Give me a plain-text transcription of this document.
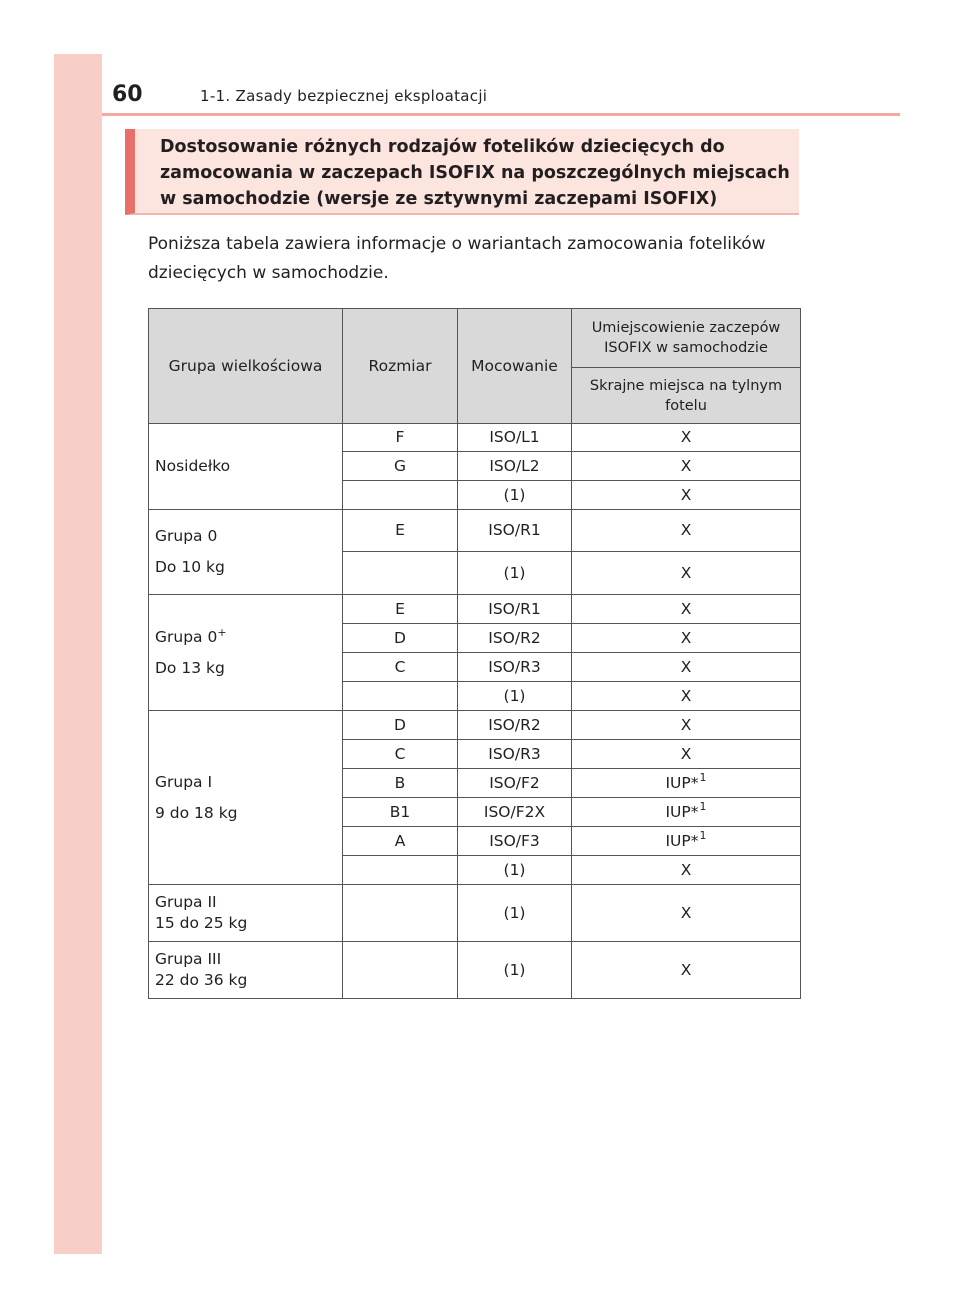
60	1-1. Zasady bezpiecznej eksploatacji

Dostosowanie różnych rodzajów fotelików dziecięcych do zamocowania w zaczepach ISOFIX na poszczególnych miejscach w samochodzie (wersje ze sztywnymi zaczepami ISOFIX)

Poniższa tabela zawiera informacje o wariantach zamocowania fotelików dziecięcych w samochodzie.

Grupa wielkościowa	Rozmiar	Mocowanie	Umiejscowienie zaczepów ISOFIX w samochodzie
			Skrajne miejsca na tylnym fotelu

Nosidełko	F	ISO/L1	X
	G	ISO/L2	X
		(1)	X

Grupa 0
Do 10 kg	E	ISO/R1	X
		(1)	X

Grupa 0+
Do 13 kg	E	ISO/R1	X
	D	ISO/R2	X
	C	ISO/R3	X
		(1)	X

Grupa I
9 do 18 kg	D	ISO/R2	X
	C	ISO/R3	X
	B	ISO/F2	IUP*$^1$
	B1	ISO/F2X	IUP*$^1$
	A	ISO/F3	IUP*$^1$
		(1)	X

Grupa II
15 do 25 kg		(1)	X

Grupa III
22 do 36 kg		(1)	X
